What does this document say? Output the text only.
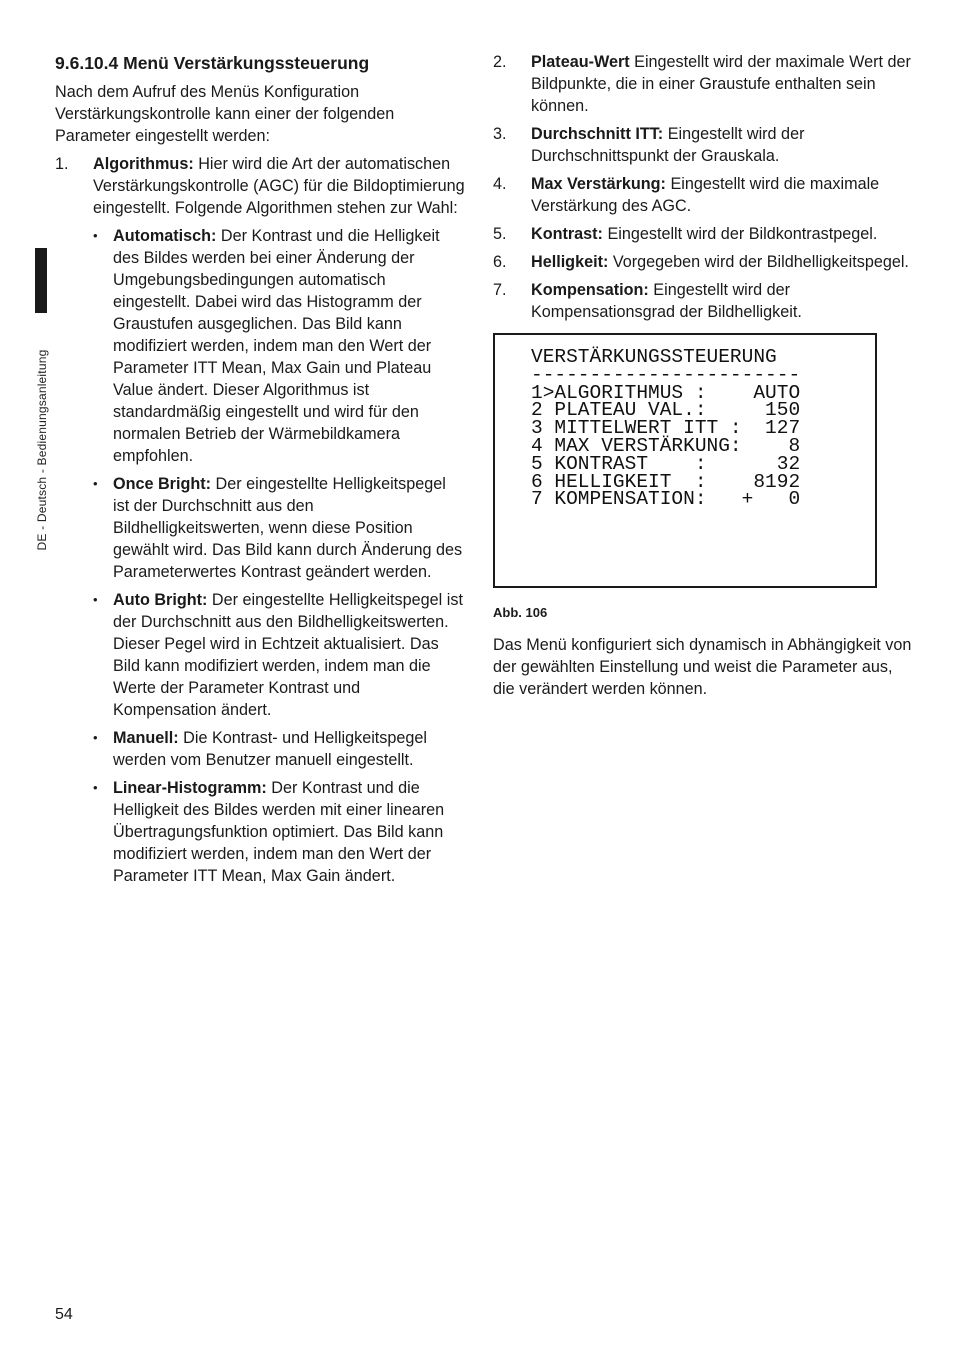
DE - Deutsch - Bedienungsanleitung
9.6.10.4 Menü Verstärkungssteuerung

Nach dem Aufruf des Menüs Konfiguration Verstärkungskontrolle kann einer der folgenden Parameter eingestellt werden:

1. Algorithmus: Hier wird die Art der automatischen Verstärkungskontrolle (AGC) für die Bildoptimierung eingestellt. Folgende Algorithmen stehen zur Wahl:
• Automatisch: Der Kontrast und die Helligkeit des Bildes werden bei einer Änderung der Umgebungsbedingungen automatisch eingestellt. Dabei wird das Histogramm der Graustufen ausgeglichen. Das Bild kann modifiziert werden, indem man den Wert der Parameter ITT Mean, Max Gain und Plateau Value ändert. Dieser Algorithmus ist standardmäßig eingestellt und wird für den normalen Betrieb der Wärmebildkamera empfohlen.
• Once Bright: Der eingestellte Helligkeitspegel ist der Durchschnitt aus den Bildhelligkeitswerten, wenn diese Position gewählt wird. Das Bild kann durch Änderung des Parameterwertes Kontrast geändert werden.
• Auto Bright: Der eingestellte Helligkeitspegel ist der Durchschnitt aus den Bildhelligkeitswerten. Dieser Pegel wird in Echtzeit aktualisiert. Das Bild kann modifiziert werden, indem man die Werte der Parameter Kontrast und Kompensation ändert.
• Manuell: Die Kontrast- und Helligkeitspegel werden vom Benutzer manuell eingestellt.
• Linear-Histogramm: Der Kontrast und die Helligkeit des Bildes werden mit einer linearen Übertragungsfunktion optimiert. Das Bild kann modifiziert werden, indem man den Wert der Parameter ITT Mean, Max Gain ändert.
2. Plateau-Wert Eingestellt wird der maximale Wert der Bildpunkte, die in einer Graustufe enthalten sein können.
3. Durchschnitt ITT: Eingestellt wird der Durchschnittspunkt der Grauskala.
4. Max Verstärkung: Eingestellt wird die maximale Verstärkung des AGC.
5. Kontrast: Eingestellt wird der Bildkontrastpegel.
6. Helligkeit: Vorgegeben wird der Bildhelligkeitspegel.
7. Kompensation: Eingestellt wird der Kompensationsgrad der Bildhelligkeit.
VERSTÄRKUNGSSTEUERUNG
-----------------------
1>ALGORITHMUS :    AUTO
2 PLATEAU VAL.:     150
3 MITTELWERT ITT :  127
4 MAX VERSTÄRKUNG:    8
5 KONTRAST    :      32
6 HELLIGKEIT  :    8192
7 KOMPENSATION:   +   0

Abb. 106

Das Menü konfiguriert sich dynamisch in Abhängigkeit von der gewählten Einstellung und weist die Parameter aus, die verändert werden können.

54
